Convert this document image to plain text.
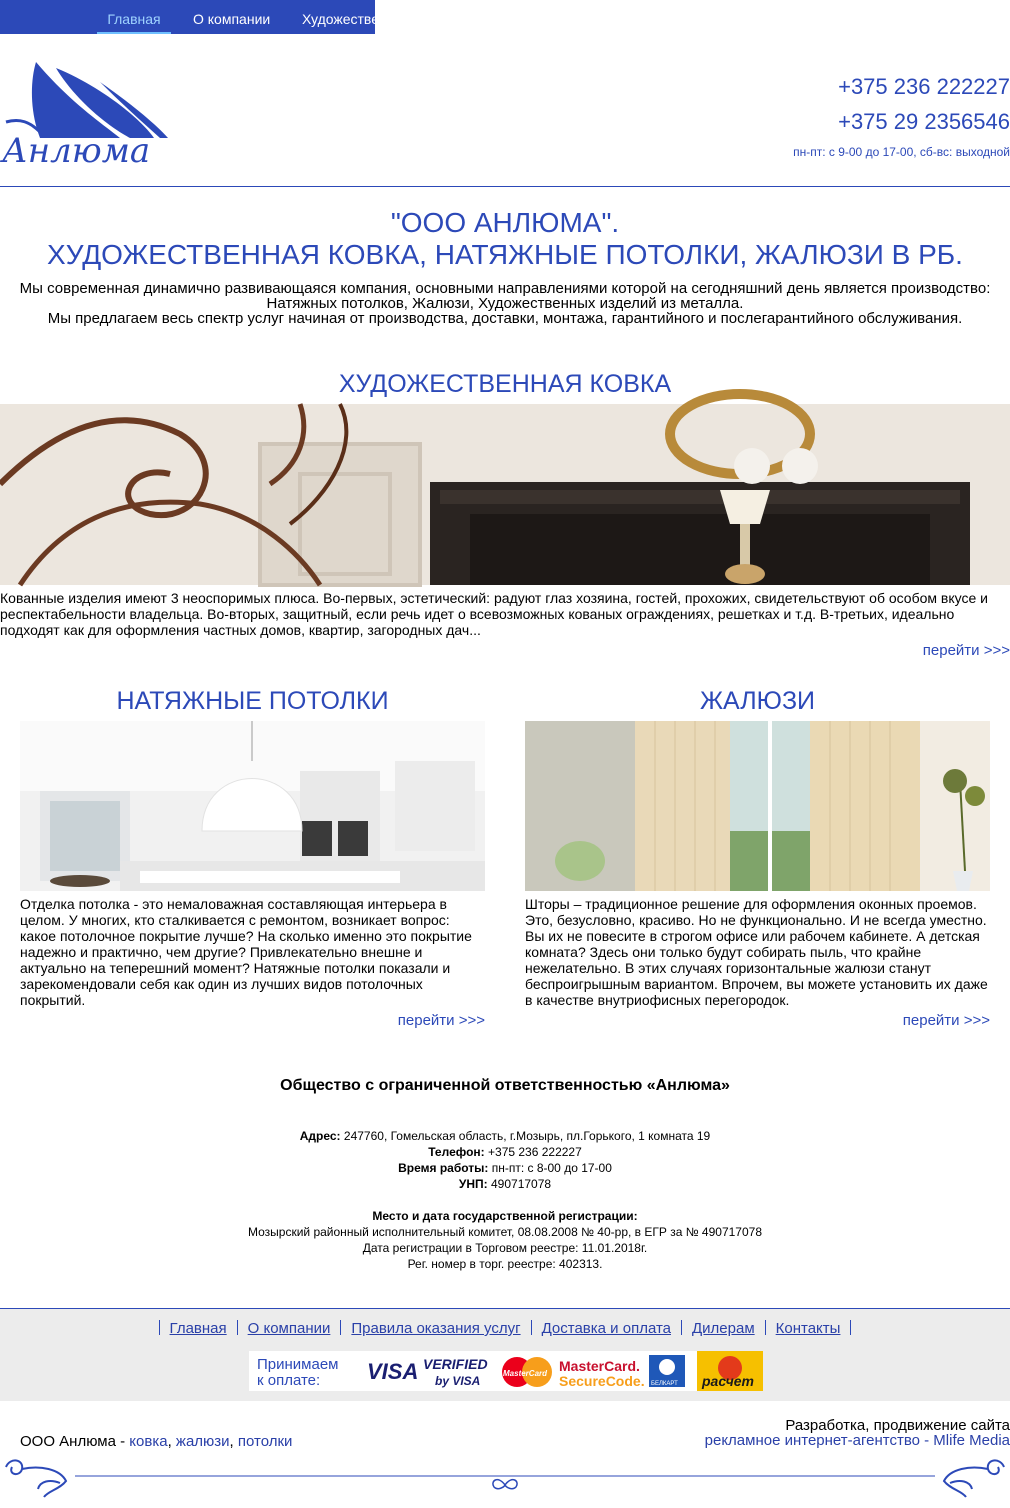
Главная	О компании Художественная ковка
Анлюма
+375 236 222227
+375 29 2356546
пн-пт: с 9-00 до 17-00, сб-вс: выходной
"ООО АНЛЮМА".
ХУДОЖЕСТВЕННАЯ КОВКА, НАТЯЖНЫЕ ПОТОЛКИ, ЖАЛЮЗИ В РБ.
Мы современная динамично развивающаяся компания, основными направлениями которой на сегодняшний день является производство:
Натяжных потолков, Жалюзи, Художественных изделий из металла.
Мы предлагаем весь спектр услуг начиная от производства, доставки, монтажа, гарантийного и послегарантийного обслуживания.
ХУДОЖЕСТВЕННАЯ КОВКА
Кованные изделия имеют 3 неоспоримых плюса. Во-первых, эстетический: радуют глаз хозяина, гостей, прохожих, свидетельствуют об особом вкусе и респектабельности владельца. Во-вторых, защитный, если речь идет о всевозможных кованых ограждениях, решетках и т.д. В-третьих, идеально подходят как для оформления частных домов, квартир, загородных дач...
перейти >>>
НАТЯЖНЫЕ ПОТОЛКИ
Отделка потолка - это немаловажная составляющая интерьера в целом. У многих, кто сталкивается с ремонтом, возникает вопрос: какое потолочное покрытие лучше? На сколько именно это покрытие надежно и практично, чем другие? Привлекательно внешне и актуально на теперешний момент? Натяжные потолки показали и зарекомендовали себя как один из лучших видов потолочных покрытий.
перейти >>>
ЖАЛЮЗИ
Шторы – традиционное решение для оформления оконных проемов. Это, безусловно, красиво. Но не функционально. И не всегда уместно. Вы их не повесите в строгом офисе или рабочем кабинете. А детская комната? Здесь они только будут собирать пыль, что крайне нежелательно. В этих случаях горизонтальные жалюзи станут беспроигрышным вариантом. Впрочем, вы можете установить их даже в качестве внутриофисных перегородок.
перейти >>>
Общество с ограниченной ответственностью «Анлюма»
Адрес: 247760, Гомельская область, г.Мозырь, пл.Горького, 1 комната 19
Телефон: +375 236 222227
Время работы: пн-пт: с 8-00 до 17-00
УНП: 490717078
Место и дата государственной регистрации:
Мозырский районный исполнительный комитет, 08.08.2008 № 40-рр, в ЕГР за № 490717078
Дата регистрации в Торговом реестре: 11.01.2018г.
Рег. номер в торг. реестре: 402313.
Главная О компании Правила оказания услуг Доставка и оплата Дилерам Контакты
Принимаем
к оплате: VISA VERIFIED
by VISA
MasterCard MasterCard.
SecureCode. БЕЛКАРТ расчет
ООО Анлюма - ковка, жалюзи, потолки
Разработка, продвижение сайта
рекламное интернет-агентство - Mlife Media
